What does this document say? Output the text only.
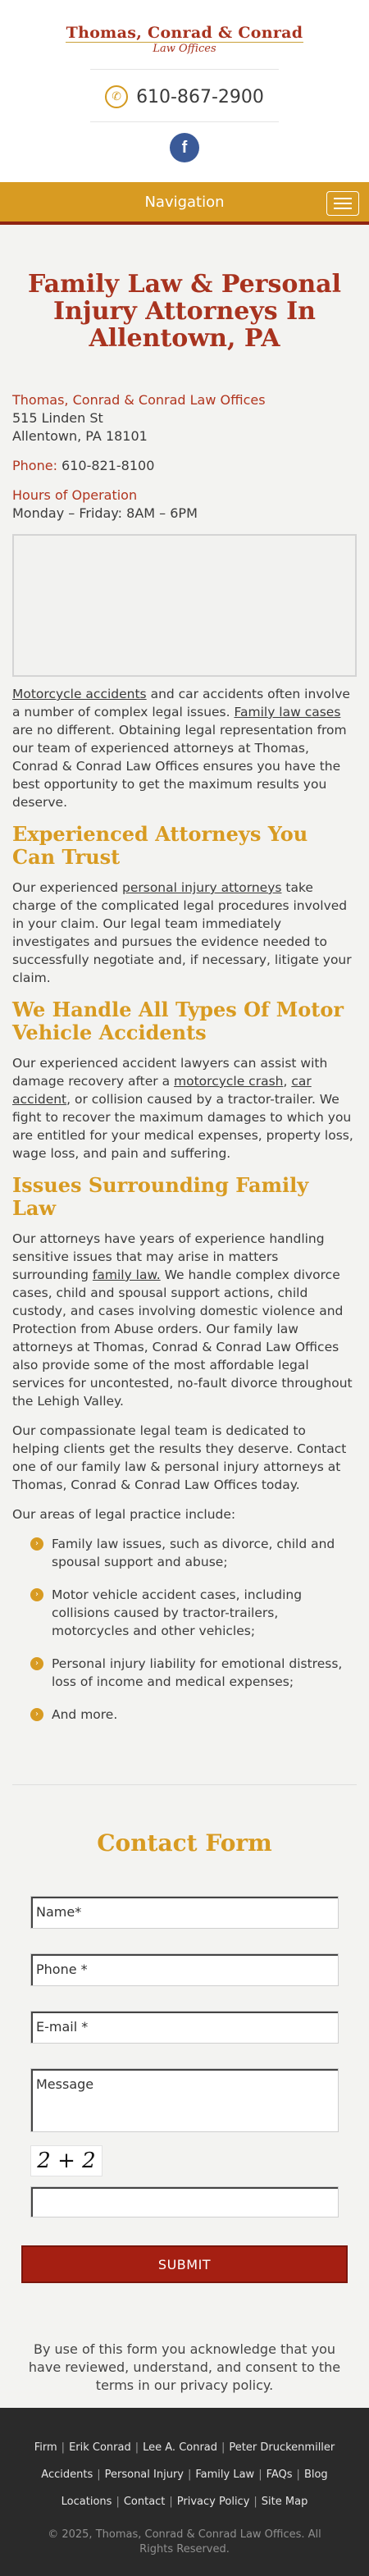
Thomas, Conrad & Conrad
Law Offices
✆ 610-867-2900
f
Navigation
Family Law & Personal Injury Attorneys In Allentown, PA

Thomas, Conrad & Conrad Law Offices

515 Linden St

Allentown, PA 18101

Phone: 610-821-8100

Hours of Operation

Monday – Friday: 8AM – 6PM

Motorcycle accidents and car accidents often involve a number of complex legal issues. Family law cases are no different. Obtaining legal representation from our team of experienced attorneys at Thomas, Conrad & Conrad Law Offices ensures you have the best opportunity to get the maximum results you deserve.

Experienced Attorneys You Can Trust

Our experienced personal injury attorneys take charge of the complicated legal procedures involved in your claim. Our legal team immediately investigates and pursues the evidence needed to successfully negotiate and, if necessary, litigate your claim.

We Handle All Types Of Motor Vehicle Accidents

Our experienced accident lawyers can assist with damage recovery after a motorcycle crash, car accident, or collision caused by a tractor-trailer. We fight to recover the maximum damages to which you are entitled for your medical expenses, property loss, wage loss, and pain and suffering.

Issues Surrounding Family Law

Our attorneys have years of experience handling sensitive issues that may arise in matters surrounding family law. We handle complex divorce cases, child and spousal support actions, child custody, and cases involving domestic violence and Protection from Abuse orders. Our family law attorneys at Thomas, Conrad & Conrad Law Offices also provide some of the most affordable legal services for uncontested, no-fault divorce throughout the Lehigh Valley.

Our compassionate legal team is dedicated to helping clients get the results they deserve. Contact one of our family law & personal injury attorneys at Thomas, Conrad & Conrad Law Offices today.

Our areas of legal practice include:

›	Family law issues, such as divorce, child and spousal support and abuse;
›	Motor vehicle accident cases, including collisions caused by tractor-trailers, motorcycles and other vehicles;
›	Personal injury liability for emotional distress, loss of income and medical expenses;
›	And more.
Contact Form
Name*
Phone *
E-mail *
Message
2 + 2
SUBMIT
By use of this form you acknowledge that you have reviewed, understand, and consent to the terms in our privacy policy.
Firm | Erik Conrad | Lee A. Conrad | Peter Druckenmiller
Accidents | Personal Injury | Family Law | FAQs | Blog
Locations | Contact | Privacy Policy | Site Map
© 2025, Thomas, Conrad & Conrad Law Offices. All Rights Reserved.
